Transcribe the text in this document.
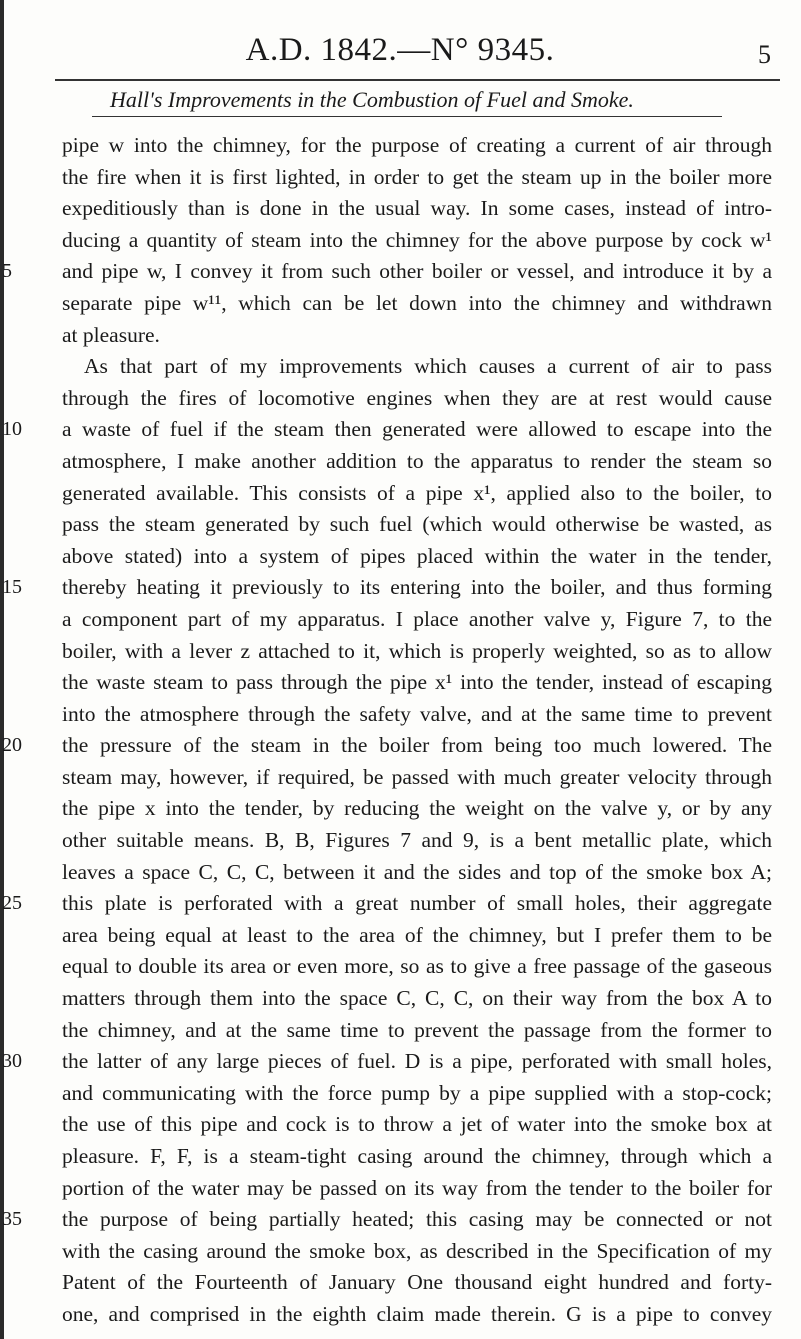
A.D. 1842.—N° 9345.	5
Hall's Improvements in the Combustion of Fuel and Smoke.
5
10
15
20
25
30
35
pipe w into the chimney, for the purpose of creating a current of air through
the fire when it is first lighted, in order to get the steam up in the boiler more
expeditiously than is done in the usual way. In some cases, instead of intro-
ducing a quantity of steam into the chimney for the above purpose by cock w¹
and pipe w, I convey it from such other boiler or vessel, and introduce it by a
separate pipe w¹¹, which can be let down into the chimney and withdrawn
at pleasure.
As that part of my improvements which causes a current of air to pass
through the fires of locomotive engines when they are at rest would cause
a waste of fuel if the steam then generated were allowed to escape into the
atmosphere, I make another addition to the apparatus to render the steam so
generated available. This consists of a pipe x¹, applied also to the boiler, to
pass the steam generated by such fuel (which would otherwise be wasted, as
above stated) into a system of pipes placed within the water in the tender,
thereby heating it previously to its entering into the boiler, and thus forming
a component part of my apparatus. I place another valve y, Figure 7, to the
boiler, with a lever z attached to it, which is properly weighted, so as to allow
the waste steam to pass through the pipe x¹ into the tender, instead of escaping
into the atmosphere through the safety valve, and at the same time to prevent
the pressure of the steam in the boiler from being too much lowered. The
steam may, however, if required, be passed with much greater velocity through
the pipe x into the tender, by reducing the weight on the valve y, or by any
other suitable means. B, B, Figures 7 and 9, is a bent metallic plate, which
leaves a space C, C, C, between it and the sides and top of the smoke box A;
this plate is perforated with a great number of small holes, their aggregate
area being equal at least to the area of the chimney, but I prefer them to be
equal to double its area or even more, so as to give a free passage of the gaseous
matters through them into the space C, C, C, on their way from the box A to
the chimney, and at the same time to prevent the passage from the former to
the latter of any large pieces of fuel. D is a pipe, perforated with small holes,
and communicating with the force pump by a pipe supplied with a stop-cock;
the use of this pipe and cock is to throw a jet of water into the smoke box at
pleasure. F, F, is a steam-tight casing around the chimney, through which a
portion of the water may be passed on its way from the tender to the boiler for
the purpose of being partially heated; this casing may be connected or not
with the casing around the smoke box, as described in the Specification of my
Patent of the Fourteenth of January One thousand eight hundred and forty-
one, and comprised in the eighth claim made therein. G is a pipe to convey
